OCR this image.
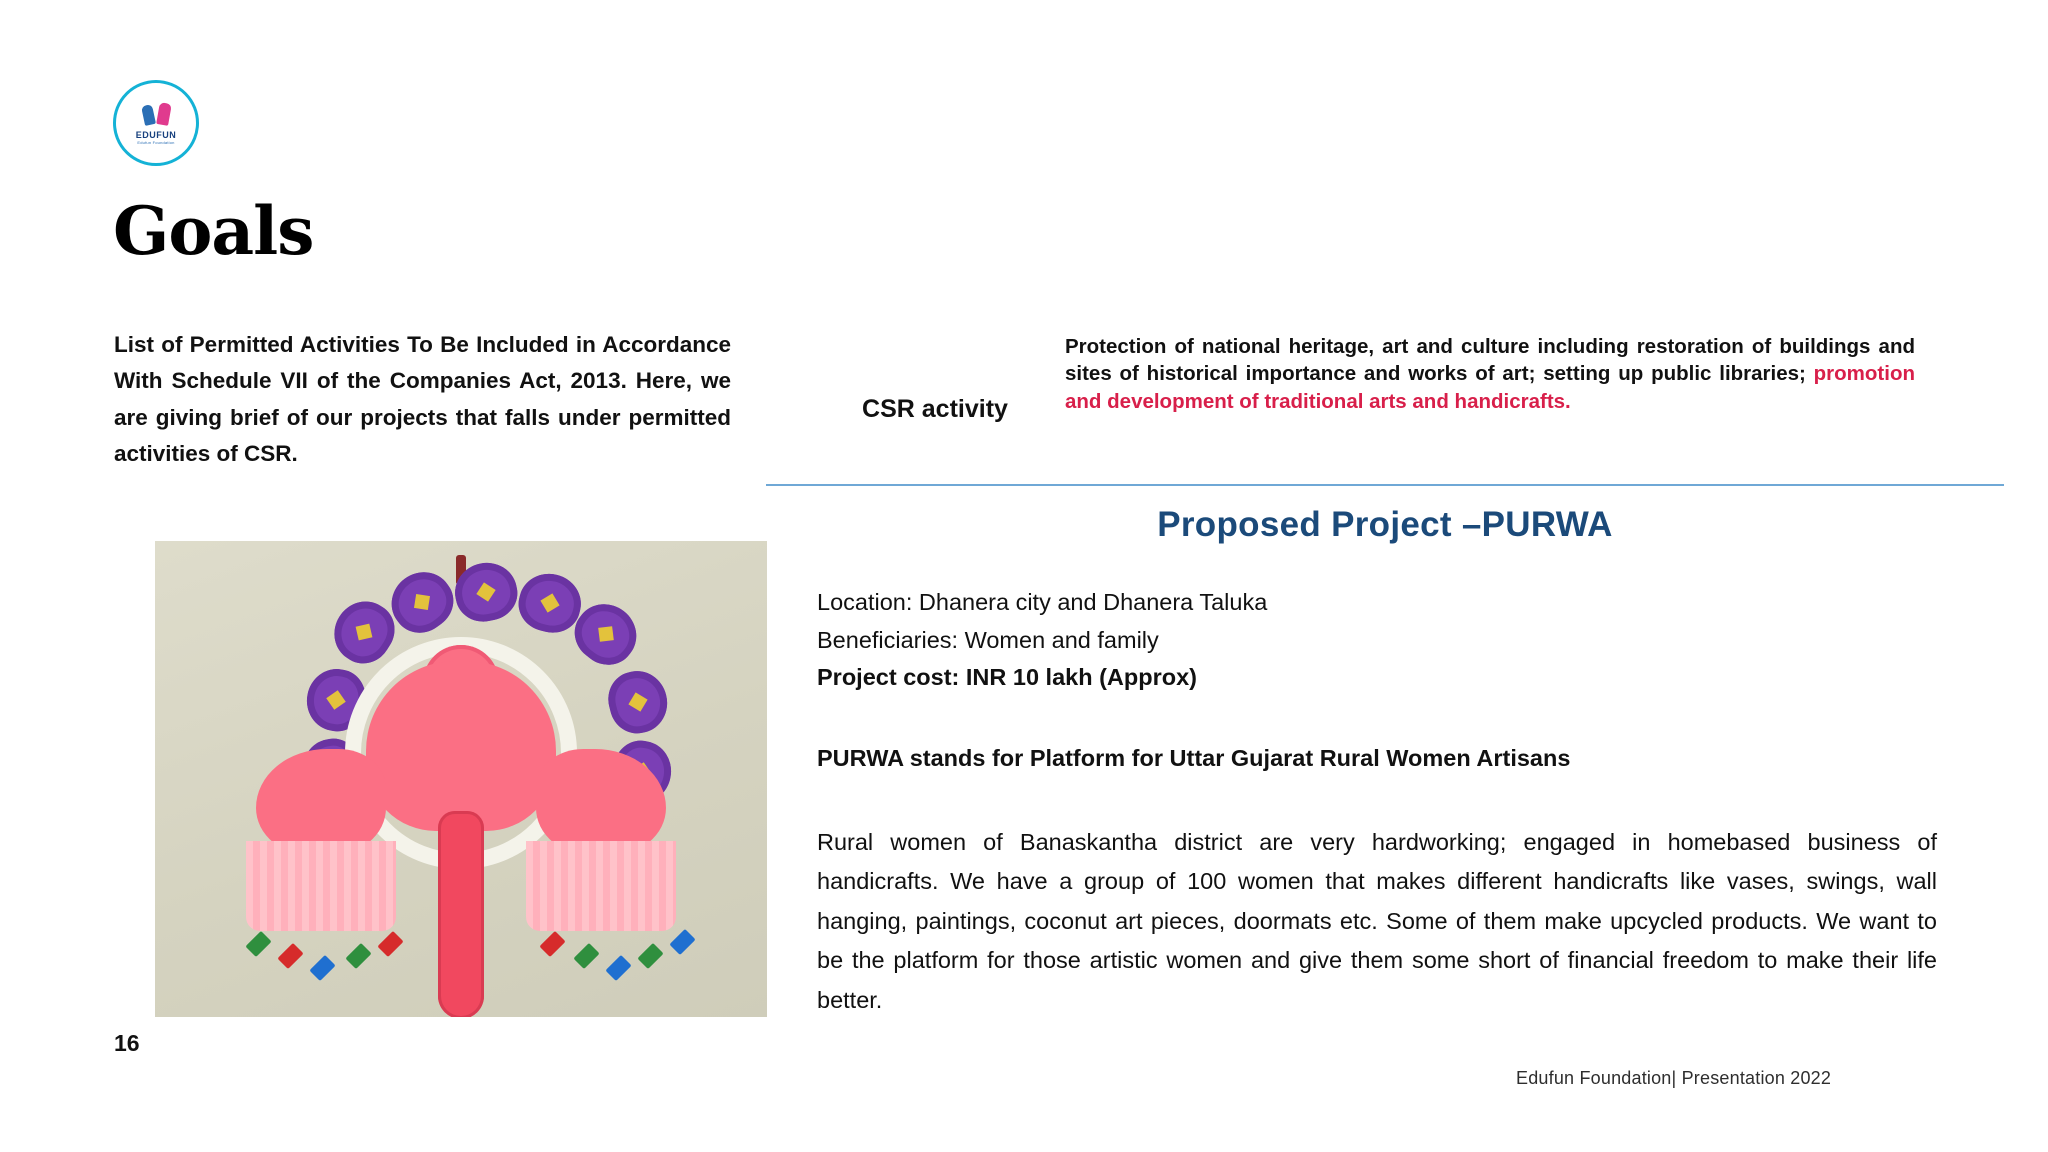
EDUFUN
Edufun Foundation
Goals
List of Permitted Activities To Be Included in Accordance With Schedule VII of the Companies Act, 2013. Here, we are giving brief of our projects that falls under permitted activities of CSR.
16
CSR activity
Protection of national heritage, art and culture including restoration of buildings and sites of historical importance and works of art; setting up public libraries; promotion and development of traditional arts and handicrafts.
Proposed Project –PURWA
Location: Dhanera city and Dhanera Taluka
Beneficiaries: Women and family
Project cost: INR 10 lakh (Approx)
PURWA stands for Platform for Uttar Gujarat Rural Women Artisans
Rural women of Banaskantha district are very hardworking; engaged in homebased business of handicrafts. We have a group of 100 women that makes different handicrafts like vases, swings, wall hanging, paintings, coconut art pieces, doormats etc. Some of them make upcycled products. We want to be the platform for those artistic women and give them some short of financial freedom to make their life better.
Edufun Foundation| Presentation 2022
